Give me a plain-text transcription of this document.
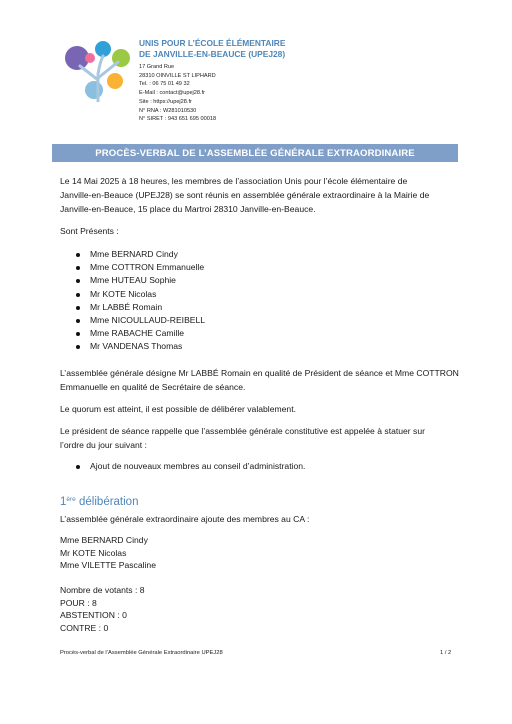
UNIS POUR L’ÉCOLE ÉLÉMENTAIRE
DE JANVILLE-EN-BEAUCE (UPEJ28)
17 Grand Rue
28310 OINVILLE ST LIPHARD
Tel. : 06 75 01 49 32
E-Mail : contact@upej28.fr
Site : https://upej28.fr
N° RNA : W281010530
N° SIRET : 943 651 695 00018
PROCÈS-VERBAL DE L’ASSEMBLÉE GÉNÉRALE EXTRAORDINAIRE
Le 14 Mai 2025 à 18 heures, les membres de l’association Unis pour l’école élémentaire de
Janville-en-Beauce (UPEJ28) se sont réunis en assemblée générale extraordinaire à la Mairie de
Janville-en-Beauce, 15 place du Martroi 28310 Janville-en-Beauce.
Sont Présents :
Mme BERNARD Cindy
Mme COTTRON Emmanuelle
Mme HUTEAU Sophie
Mr KOTE Nicolas
Mr LABBÉ Romain
Mme NICOULLAUD-REIBELL
Mme RABACHE Camille
Mr VANDENAS Thomas
L’assemblée générale désigne Mr LABBÉ Romain en qualité de Président de séance et Mme COTTRON
Emmanuelle en qualité de Secrétaire de séance.
Le quorum est atteint, il est possible de délibérer valablement.
Le président de séance rappelle que l’assemblée générale constitutive est appelée à statuer sur
l’ordre du jour suivant :
Ajout de nouveaux membres au conseil d’administration.
1ère délibération
L’assemblée générale extraordinaire ajoute des membres au CA :
Mme BERNARD Cindy
Mr KOTE Nicolas
Mme VILETTE Pascaline
Nombre de votants : 8
POUR : 8
ABSTENTION : 0
CONTRE : 0
Procès-verbal de l’Assemblée Générale Extraordinaire UPEJ28	1 / 2
